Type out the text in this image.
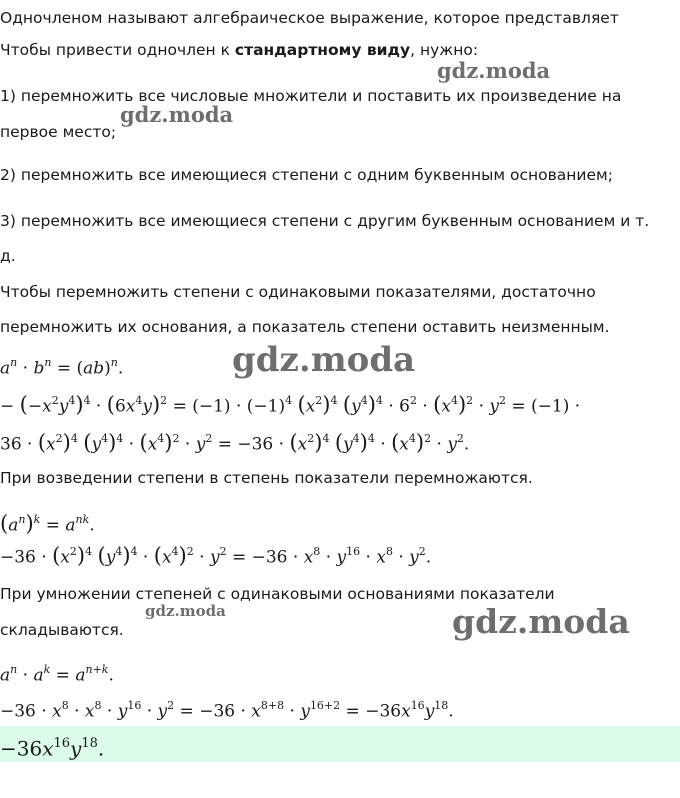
Одночленом называют алгебраическое выражение, которое представляет
Чтобы привести одночлен к стандартному виду, нужно:
1) перемножить все числовые множители и поставить их произведение на
первое место;
2) перемножить все имеющиеся степени с одним буквенным основанием;
3) перемножить все имеющиеся степени с другим буквенным основанием и т.
д.
Чтобы перемножить степени с одинаковыми показателями, достаточно
перемножить их основания, а показатель степени оставить неизменным.
$a^n \cdot b^n = (ab)^n$.
− $(-x^2y^4)^4 \cdot (6x^4y)^2 = (-1) \cdot (-1)^4$ $(x^2)^4$ $(y^4)^4 \cdot 6^2 \cdot (x^4)^2 \cdot y^2 = (-1)$ ·
$36 \cdot (x^2)^4$ $(y^4)^4 \cdot (x^4)^2 \cdot y^2 = -36 \cdot (x^2)^4$ $(y^4)^4 \cdot (x^4)^2 \cdot y^2$.
При возведении степени в степень показатели перемножаются.
$(a^n)^k = a^{nk}$.
$-36 \cdot (x^2)^4$ $(y^4)^4 \cdot (x^4)^2 \cdot y^2 = -36 \cdot x^8 \cdot y^{16} \cdot x^8 \cdot y^2$.
При умножении степеней с одинаковыми основаниями показатели
складываются.
$a^n \cdot a^k = a^{n+k}$.
$-36 \cdot x^8 \cdot x^8 \cdot y^{16} \cdot y^2 = -36 \cdot x^{8+8} \cdot y^{16+2} = -36x^{16}y^{18}$.
$-36x^{16}y^{18}$.
gdz.moda
gdz.moda
gdz.moda
gdz.moda	gdz.moda
